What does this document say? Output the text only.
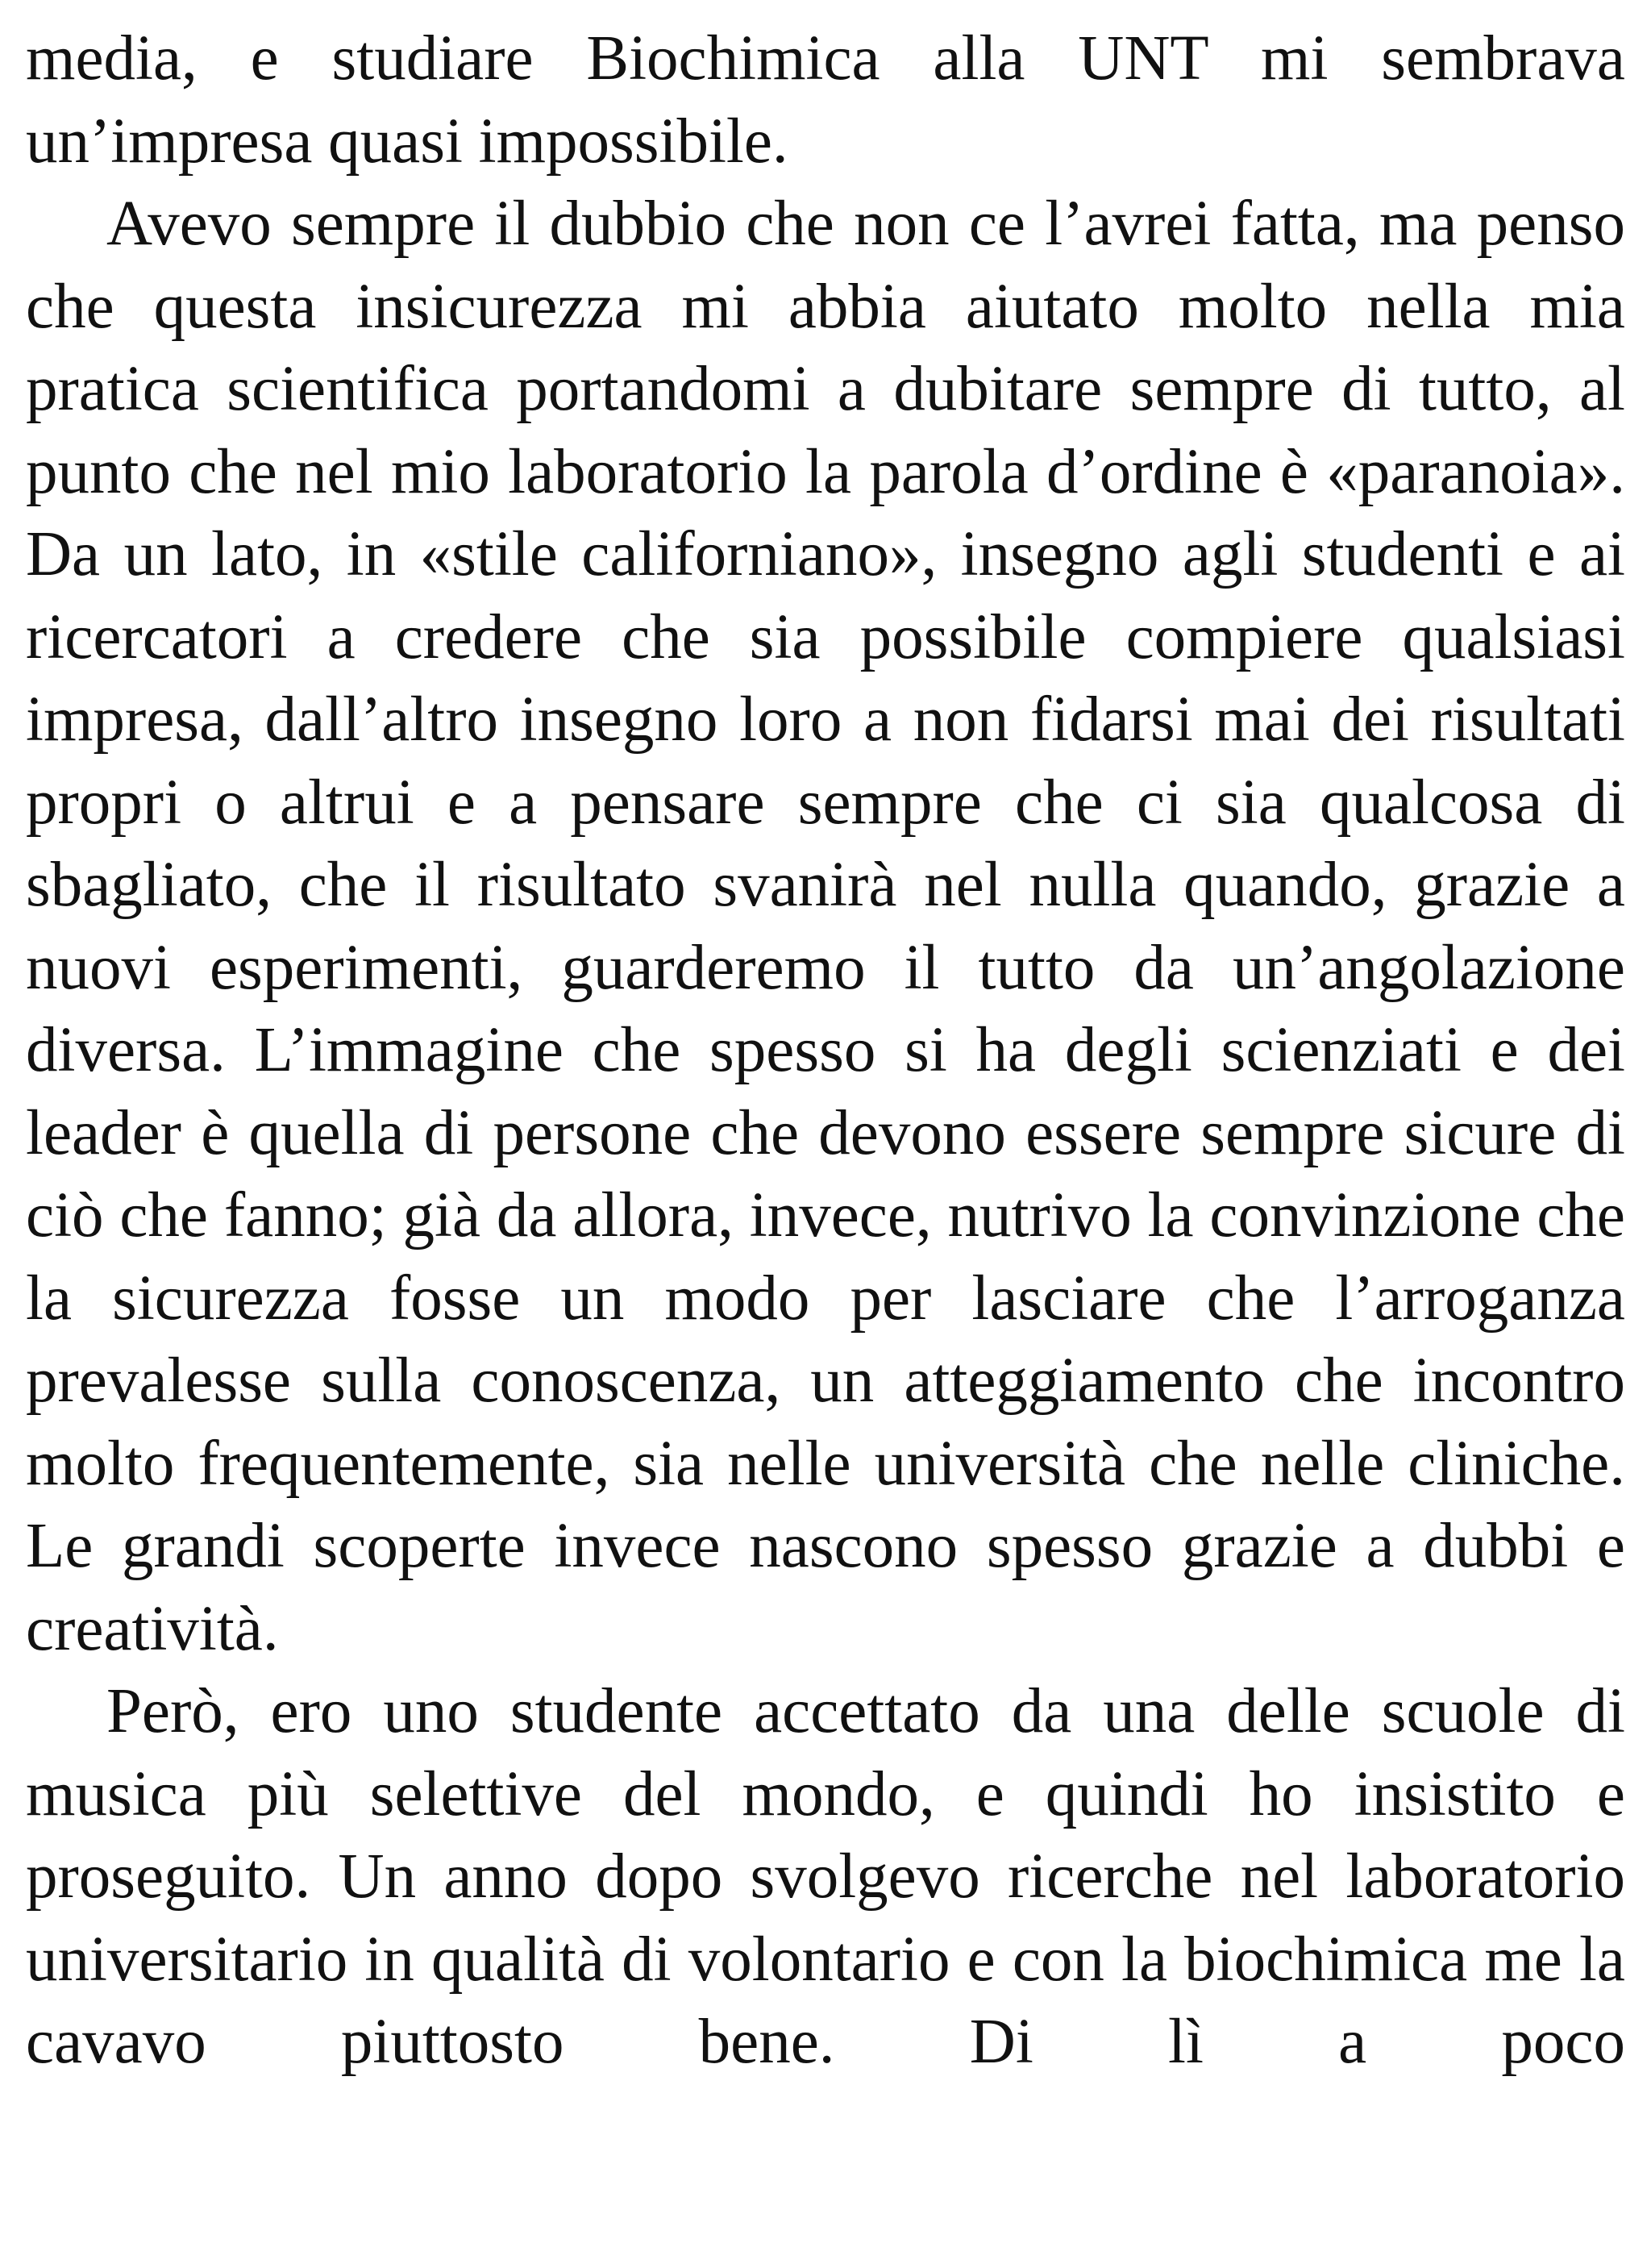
media, e studiare Biochimica alla UNT mi sembrava un’impresa quasi impossibile.

Avevo sempre il dubbio che non ce l’avrei fatta, ma penso che questa insicurezza mi abbia aiutato molto nella mia pratica scientifica portandomi a dubitare sempre di tutto, al punto che nel mio laboratorio la parola d’ordine è «paranoia». Da un lato, in «stile californiano», insegno agli studenti e ai ricercatori a credere che sia possibile compiere qualsiasi impresa, dall’altro insegno loro a non fidarsi mai dei risultati propri o altrui e a pensare sempre che ci sia qualcosa di sbagliato, che il risultato svanirà nel nulla quando, grazie a nuovi esperimenti, guarderemo il tutto da un’angolazione diversa. L’immagine che spesso si ha degli scienziati e dei leader è quella di persone che devono essere sempre sicure di ciò che fanno; già da allora, invece, nutrivo la convinzione che la sicurezza fosse un modo per lasciare che l’arroganza prevalesse sulla conoscenza, un atteggiamento che incontro molto frequentemente, sia nelle università che nelle cliniche. Le grandi scoperte invece nascono spesso grazie a dubbi e creatività.

Però, ero uno studente accettato da una delle scuole di musica più selettive del mondo, e quindi ho insistito e proseguito. Un anno dopo svolgevo ricerche nel laboratorio universitario in qualità di volontario e con la biochimica me la cavavo piuttosto bene. Di lì a poco
